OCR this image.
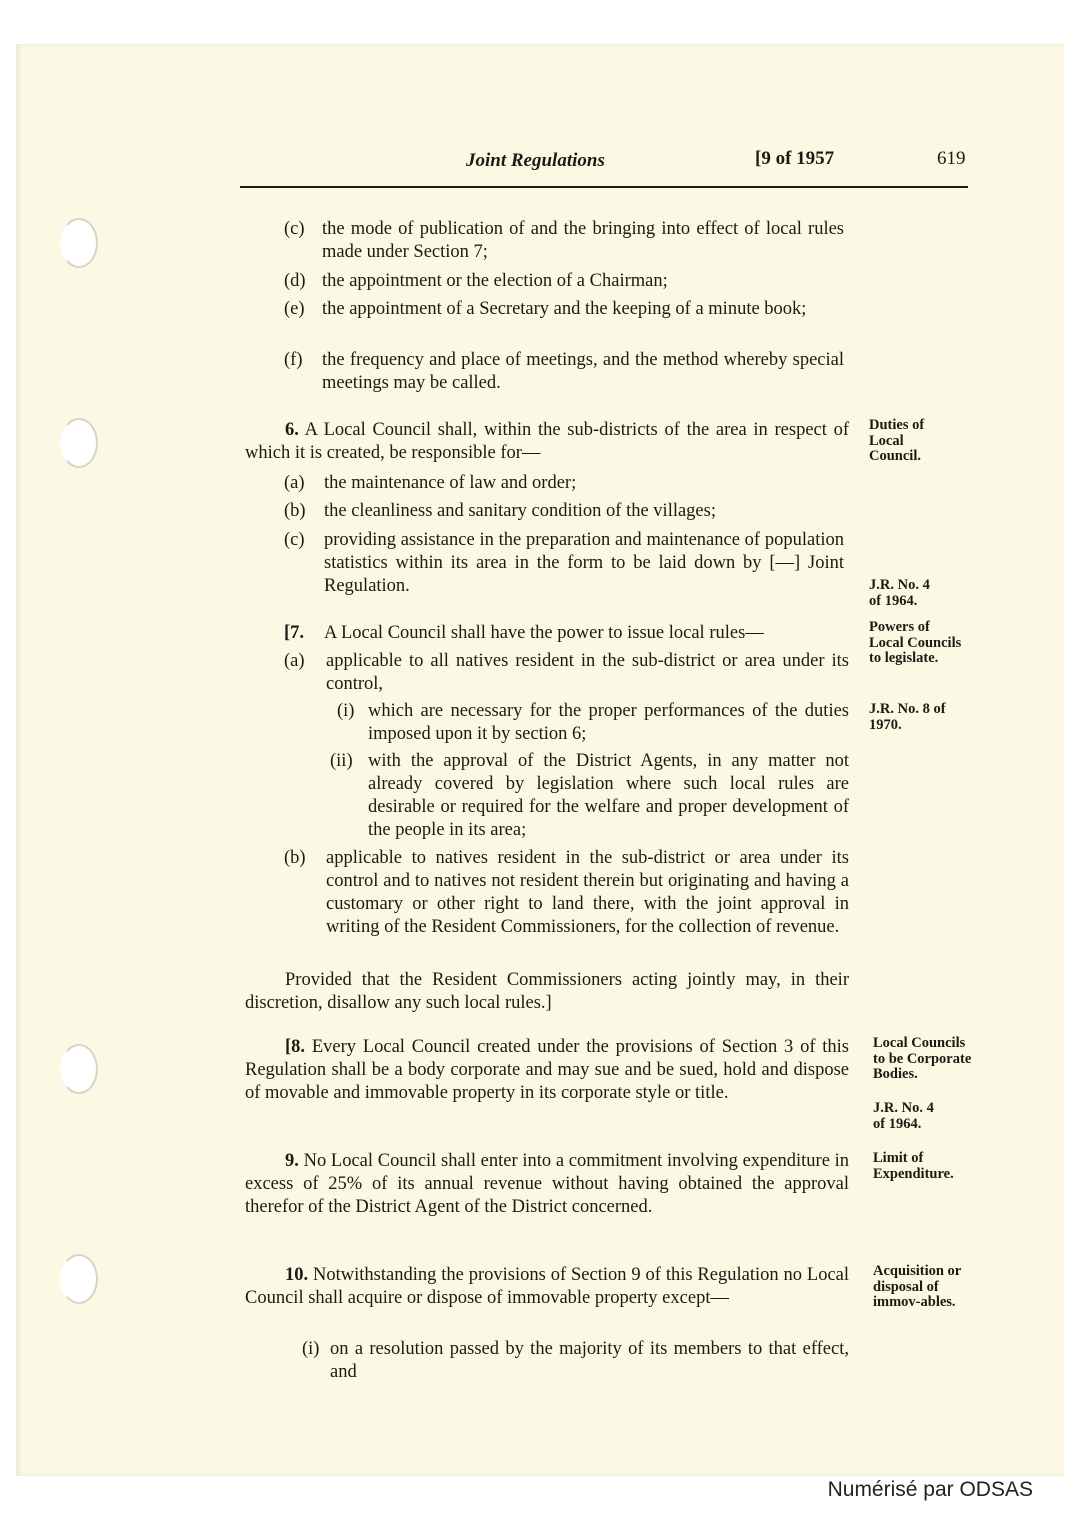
Joint Regulations	[9 of 1957	619
(c) the mode of publication of and the bringing into effect of local rules made under Section 7;
(d) the appointment or the election of a Chairman;
(e) the appointment of a Secretary and the keeping of a minute book;
(f) the frequency and place of meetings, and the method whereby special meetings may be called.
6. A Local Council shall, within the sub-districts of the area in respect of which it is created, be responsible for—
Duties of Local Council.
(a) the maintenance of law and order;
(b) the cleanliness and sanitary condition of the villages;
(c) providing assistance in the preparation and maintenance of population statistics within its area in the form to be laid down by [—] Joint Regulation.	J.R. No. 4 of 1964.
[7. A Local Council shall have the power to issue local rules—	Powers of Local Councils to legislate.
(a) applicable to all natives resident in the sub-district or area under its control,
(i) which are necessary for the proper performances of the duties imposed upon it by section 6;
J.R. No. 8 of 1970.
(ii) with the approval of the District Agents, in any matter not already covered by legislation where such local rules are desirable or required for the welfare and proper development of the people in its area;
(b) applicable to natives resident in the sub-district or area under its control and to natives not resident therein but originating and having a customary or other right to land there, with the joint approval in writing of the Resident Commissioners, for the collection of revenue.
Provided that the Resident Commissioners acting jointly may, in their discretion, disallow any such local rules.]
[8. Every Local Council created under the provisions of Section 3 of this Regulation shall be a body corporate and may sue and be sued, hold and dispose of movable and immovable property in its corporate style or title.
Local Councils to be Corporate Bodies.
J.R. No. 4 of 1964.
9. No Local Council shall enter into a commitment involving expenditure in excess of 25% of its annual revenue without having obtained the approval therefor of the District Agent of the District concerned.
Limit of Expenditure.
10. Notwithstanding the provisions of Section 9 of this Regulation no Local Council shall acquire or dispose of immovable property except—
Acquisition or disposal of immov-ables.
(i) on a resolution passed by the majority of its members to that effect, and
Numérisé par ODSAS
